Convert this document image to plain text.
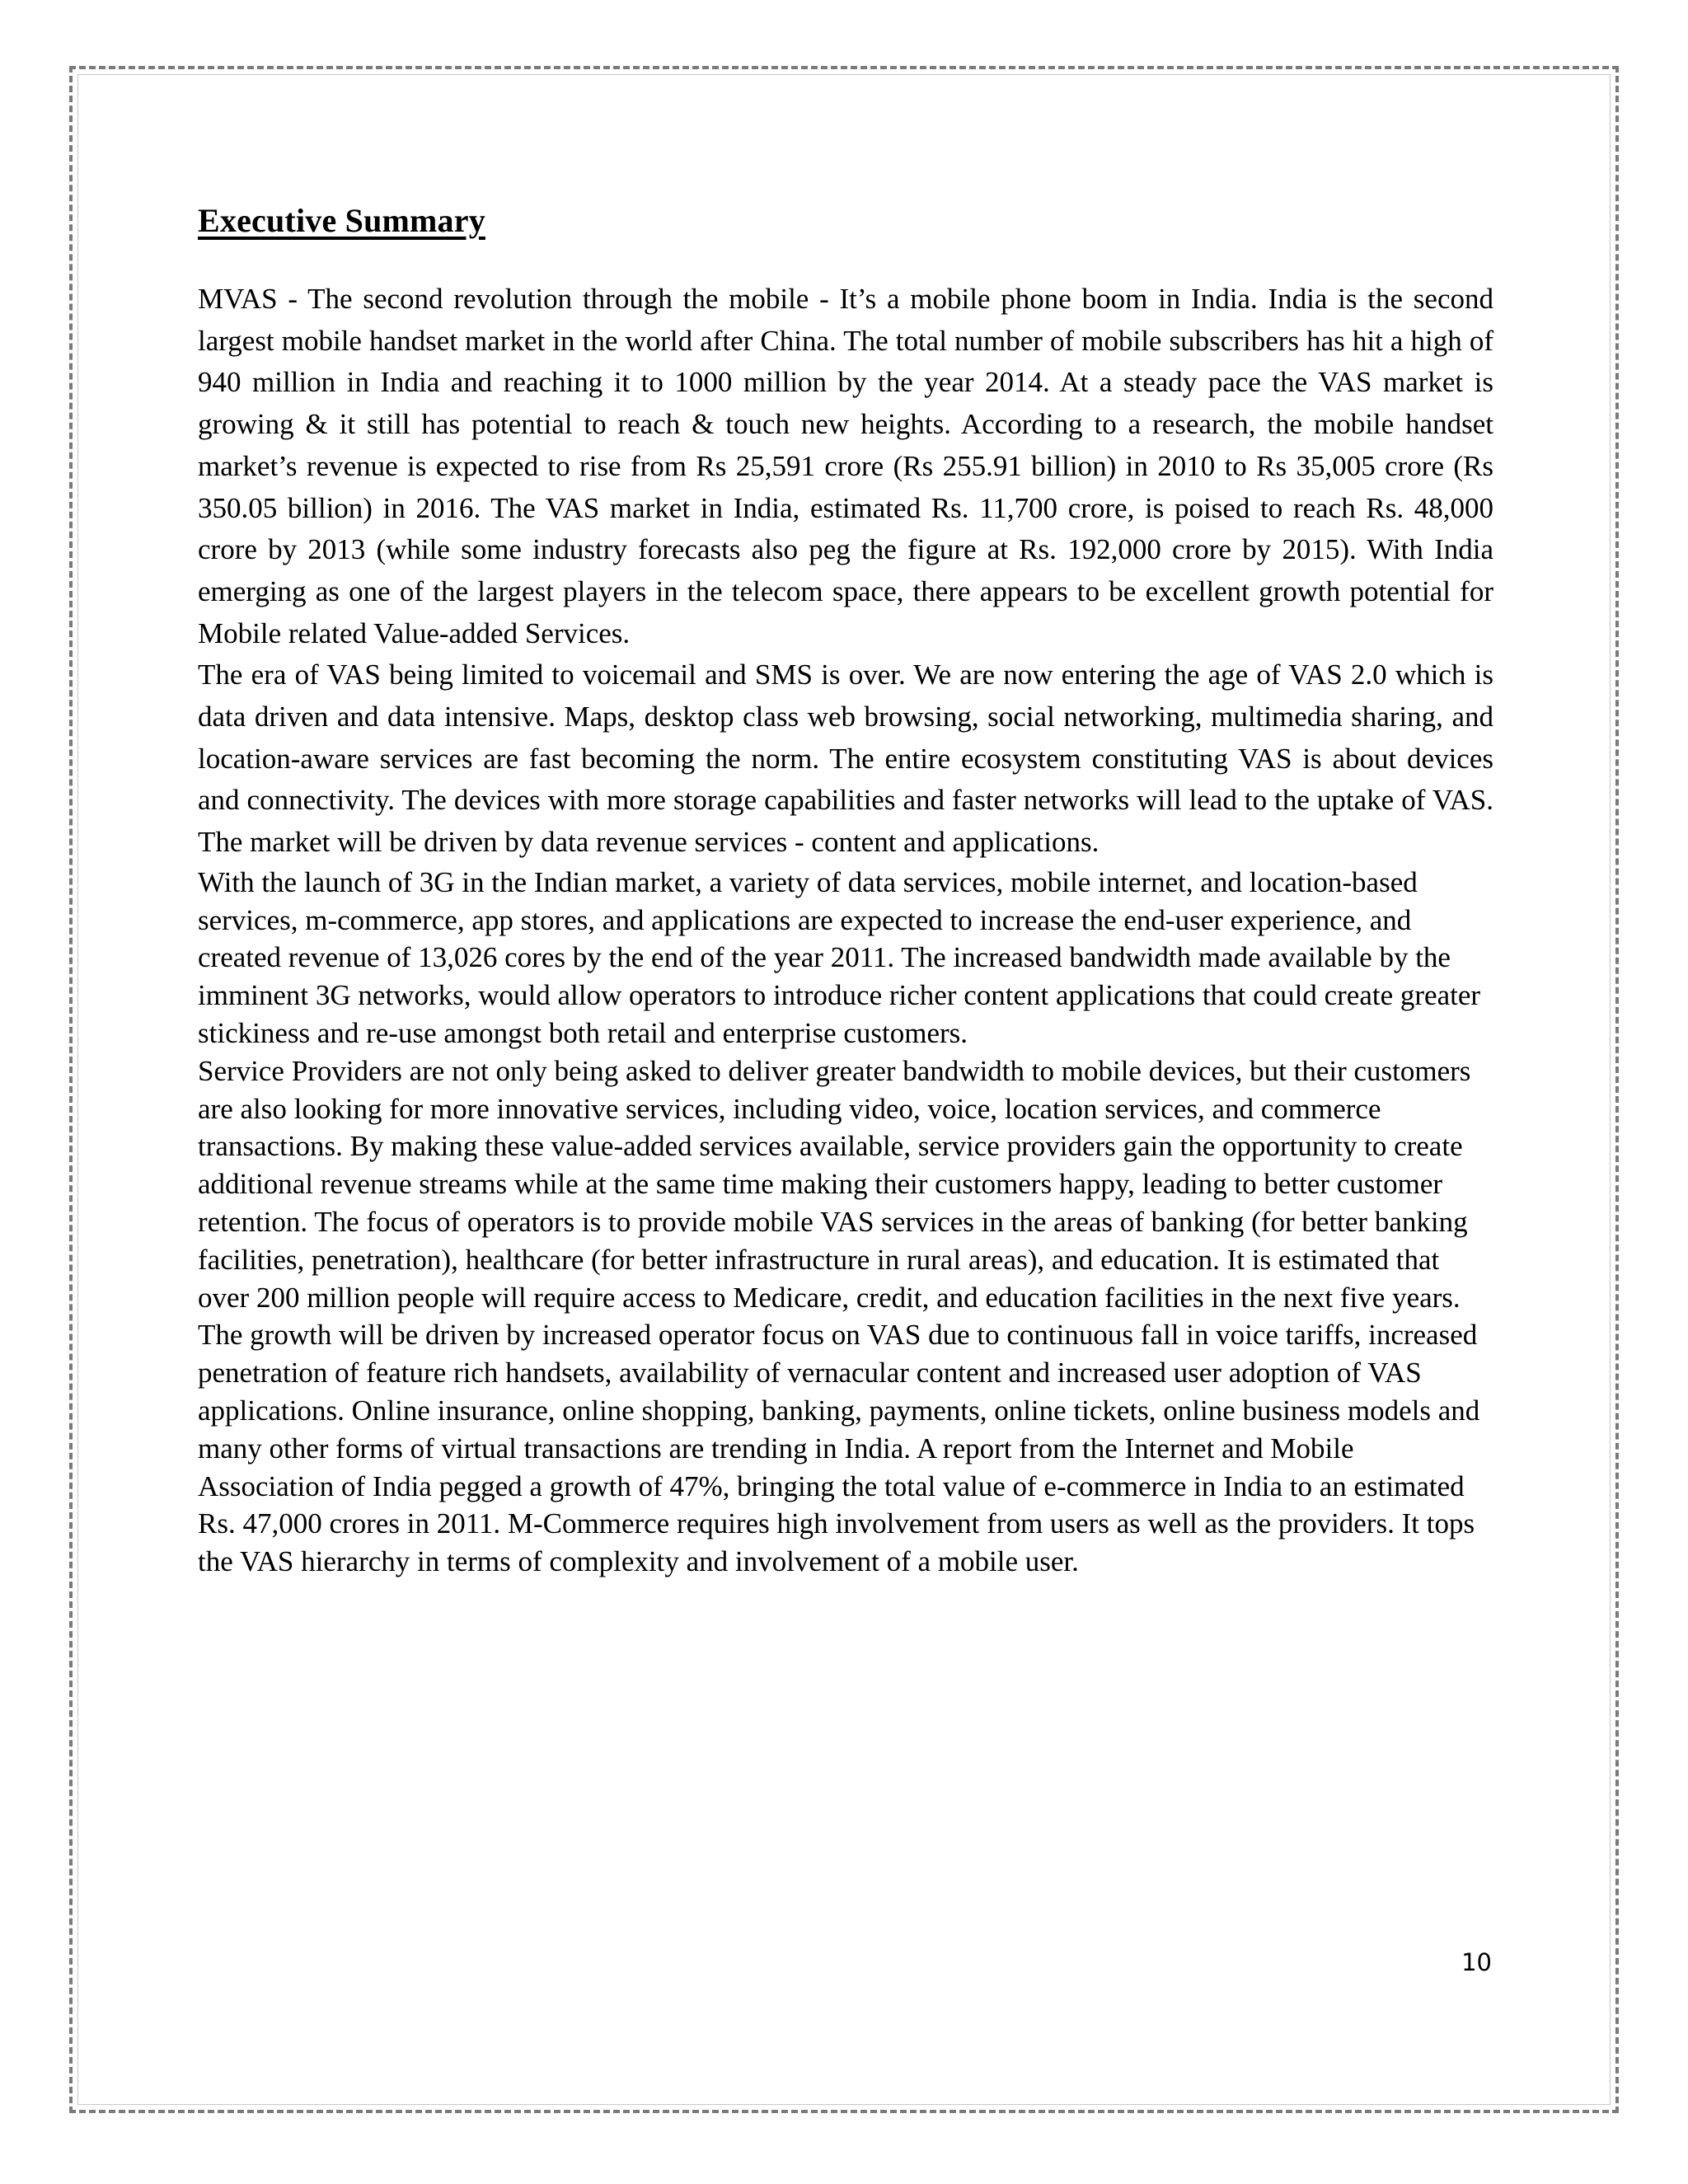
Executive Summary

MVAS - The second revolution through the mobile - It’s a mobile phone boom in India. India is the second largest mobile handset market in the world after China. The total number of mobile subscribers has hit a high of 940 million in India and reaching it to 1000 million by the year 2014. At a steady pace the VAS market is growing & it still has potential to reach & touch new heights. According to a research, the mobile handset market’s revenue is expected to rise from Rs 25,591 crore (Rs 255.91 billion) in 2010 to Rs 35,005 crore (Rs 350.05 billion) in 2016. The VAS market in India, estimated Rs. 11,700 crore, is poised to reach Rs. 48,000 crore by 2013 (while some industry forecasts also peg the figure at Rs. 192,000 crore by 2015). With India emerging as one of the largest players in the telecom space, there appears to be excellent growth potential for Mobile related Value-added Services.

The era of VAS being limited to voicemail and SMS is over. We are now entering the age of VAS 2.0 which is data driven and data intensive. Maps, desktop class web browsing, social networking, multimedia sharing, and location-aware services are fast becoming the norm. The entire ecosystem constituting VAS is about devices and connectivity. The devices with more storage capabilities and faster networks will lead to the uptake of VAS. The market will be driven by data revenue services - content and applications.

With the launch of 3G in the Indian market, a variety of data services, mobile internet, and location-based services, m-commerce, app stores, and applications are expected to increase the end-user experience, and created revenue of 13,026 cores by the end of the year 2011. The increased bandwidth made available by the imminent 3G networks, would allow operators to introduce richer content applications that could create greater stickiness and re-use amongst both retail and enterprise customers.

Service Providers are not only being asked to deliver greater bandwidth to mobile devices, but their customers are also looking for more innovative services, including video, voice, location services, and commerce transactions. By making these value-added services available, service providers gain the opportunity to create additional revenue streams while at the same time making their customers happy, leading to better customer retention. The focus of operators is to provide mobile VAS services in the areas of banking (for better banking facilities, penetration), healthcare (for better infrastructure in rural areas), and education. It is estimated that over 200 million people will require access to Medicare, credit, and education facilities in the next five years. The growth will be driven by increased operator focus on VAS due to continuous fall in voice tariffs, increased penetration of feature rich handsets, availability of vernacular content and increased user adoption of VAS applications. Online insurance, online shopping, banking, payments, online tickets, online business models and many other forms of virtual transactions are trending in India. A report from the Internet and Mobile Association of India pegged a growth of 47%, bringing the total value of e-commerce in India to an estimated Rs. 47,000 crores in 2011. M-Commerce requires high involvement from users as well as the providers. It tops the VAS hierarchy in terms of complexity and involvement of a mobile user.

10
